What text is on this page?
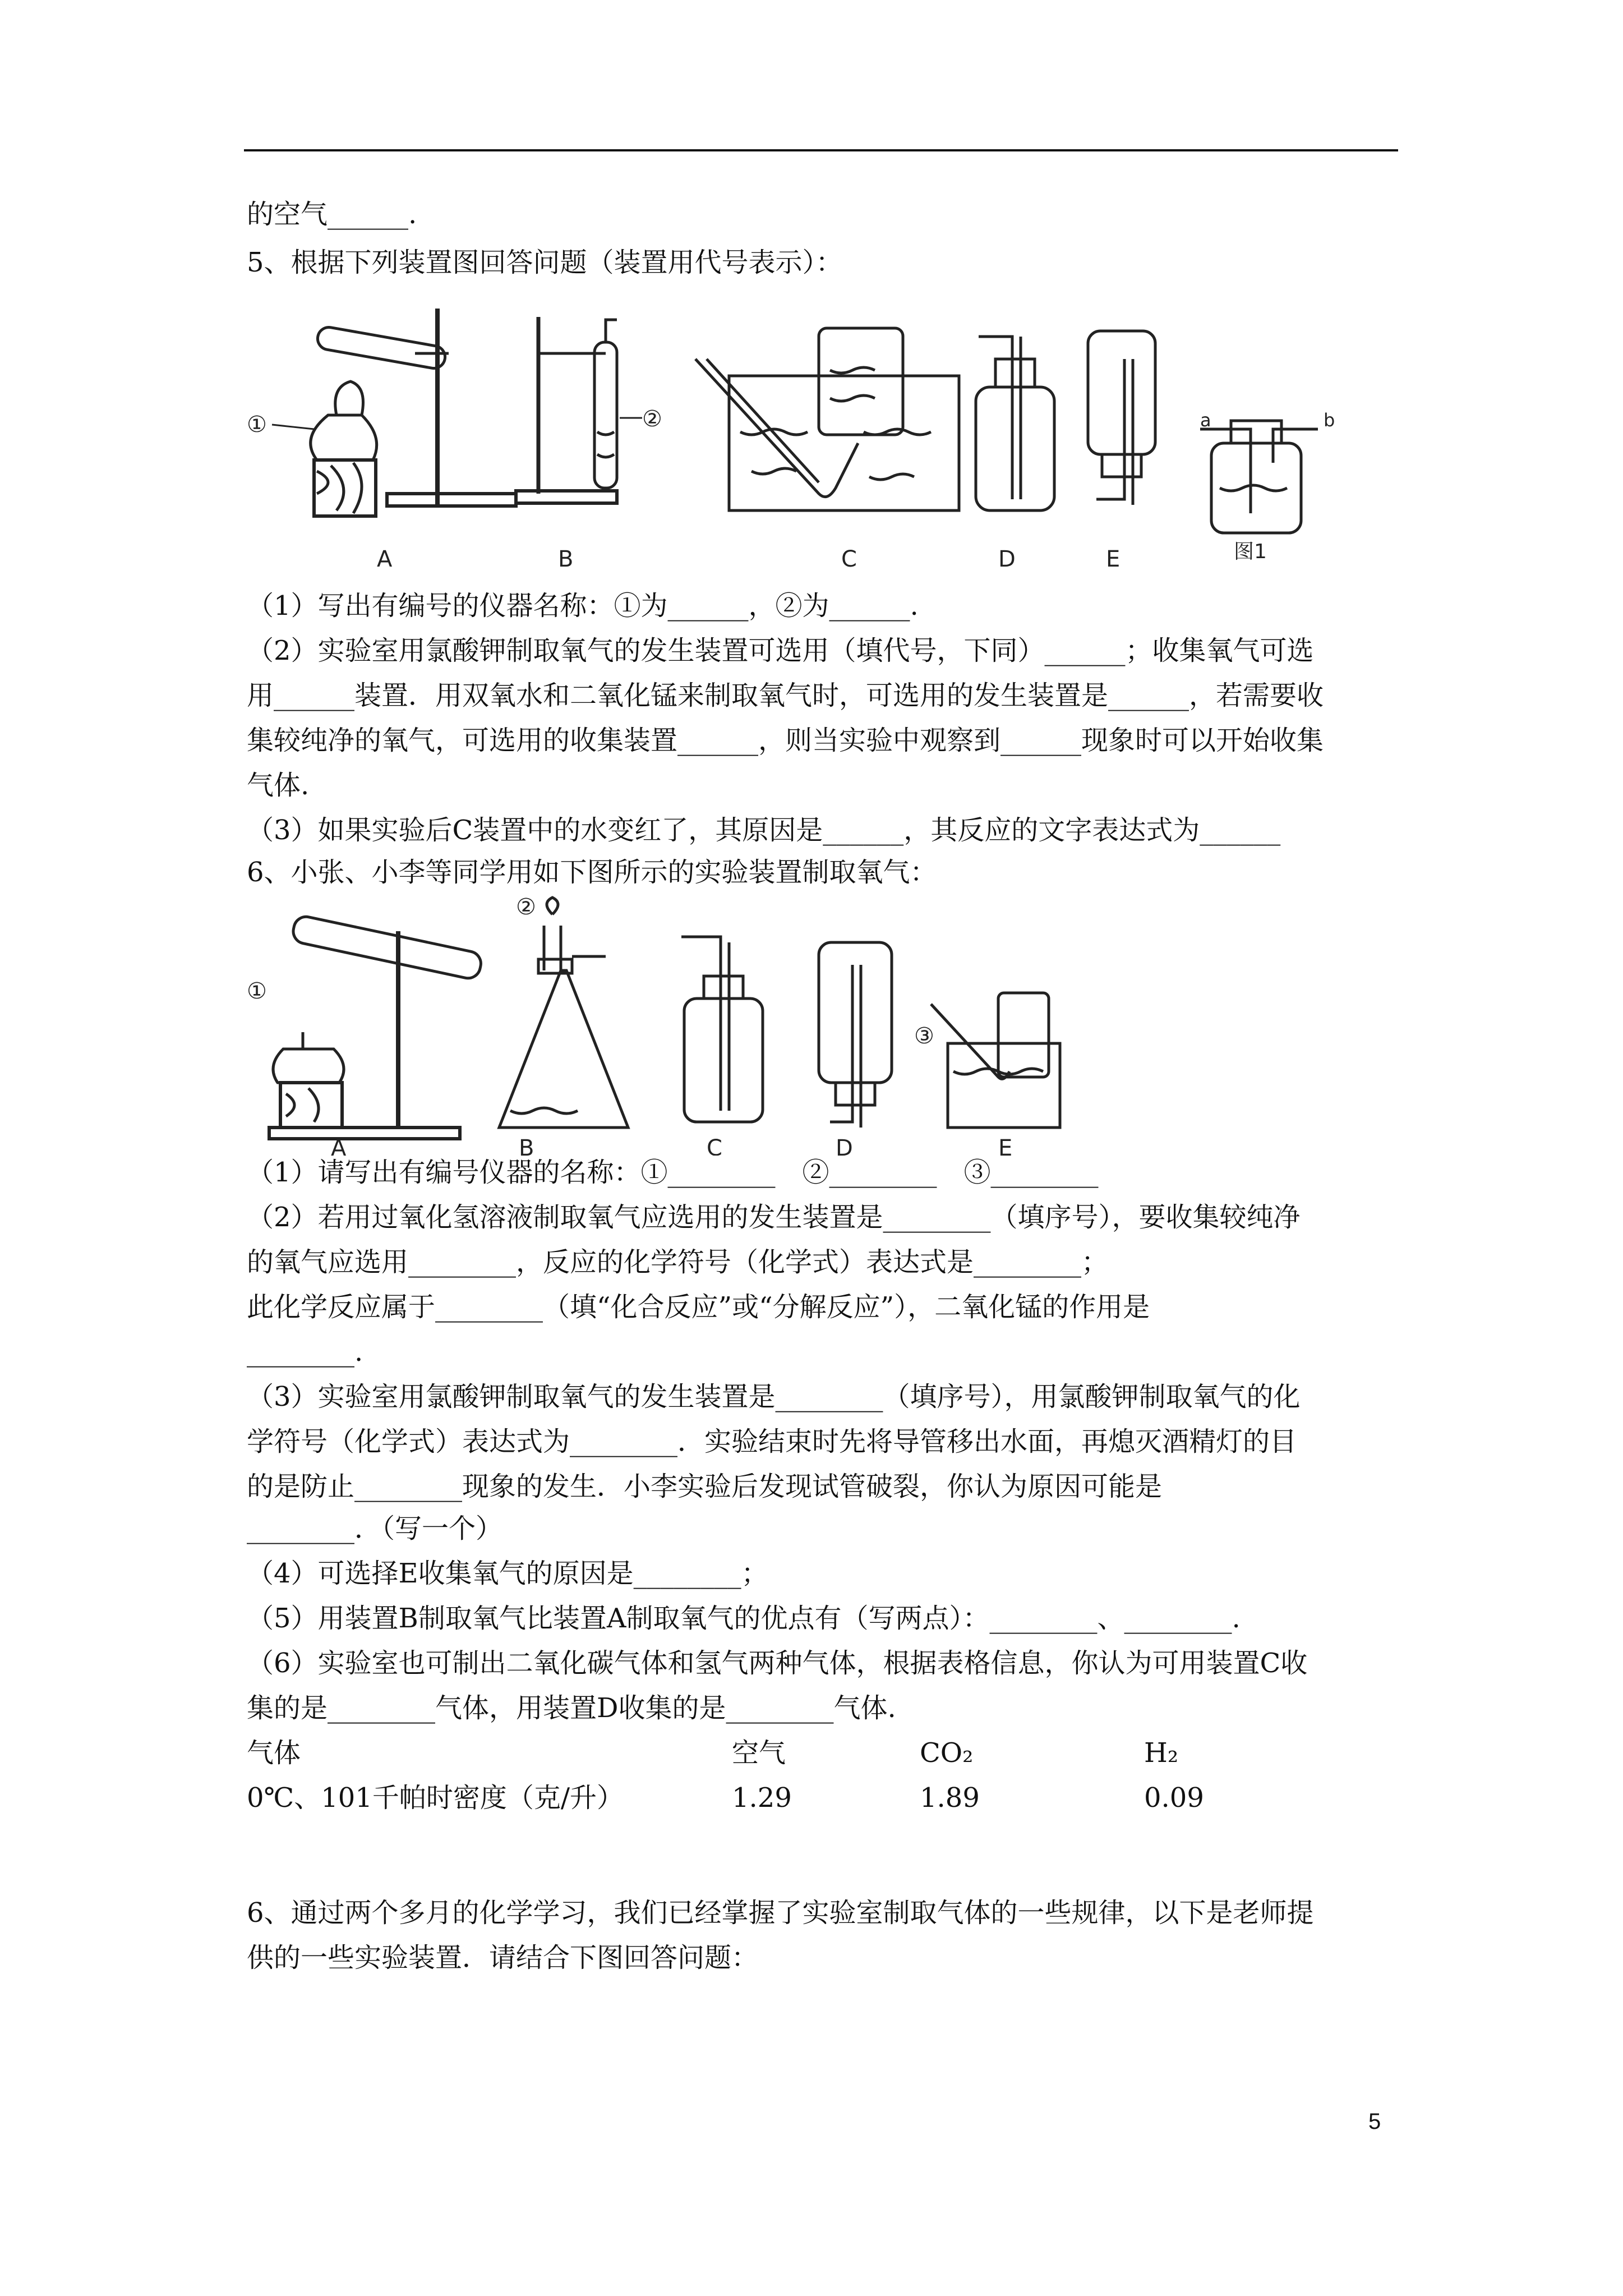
的空气______.
5、根据下列装置图回答问题（装置用代号表示）：
①
A
②
B	C	D	E
a	b
图1
（1）写出有编号的仪器名称：①为______，②为______.
（2）实验室用氯酸钾制取氧气的发生装置可选用（填代号，下同）______；收集氧气可选
用______装置．用双氧水和二氧化锰来制取氧气时，可选用的发生装置是______，若需要收
集较纯净的氧气，可选用的收集装置______，则当实验中观察到______现象时可以开始收集
气体.
（3）如果实验后C装置中的水变红了，其原因是______，其反应的文字表达式为______
6、小张、小李等同学用如下图所示的实验装置制取氧气：
①
A
②
B	C	D
③
E
（1）请写出有编号仪器的名称：①________　②________　③________
（2）若用过氧化氢溶液制取氧气应选用的发生装置是________（填序号），要收集较纯净
的氧气应选用________，反应的化学符号（化学式）表达式是________；
此化学反应属于________（填“化合反应”或“分解反应”），二氧化锰的作用是
________.
（3）实验室用氯酸钾制取氧气的发生装置是________（填序号），用氯酸钾制取氧气的化
学符号（化学式）表达式为________．实验结束时先将导管移出水面，再熄灭酒精灯的目
的是防止________现象的发生．小李实验后发现试管破裂，你认为原因可能是
________．（写一个）
（4）可选择E收集氧气的原因是________；
（5）用装置B制取氧气比装置A制取氧气的优点有（写两点）：________、________.
（6）实验室也可制出二氧化碳气体和氢气两种气体，根据表格信息，你认为可用装置C收
集的是________气体，用装置D收集的是________气体.
气体	空气	CO₂	H₂
0℃、101千帕时密度（克/升）	1.29	1.89	0.09
6、通过两个多月的化学学习，我们已经掌握了实验室制取气体的一些规律，以下是老师提
供的一些实验装置．请结合下图回答问题：
5
